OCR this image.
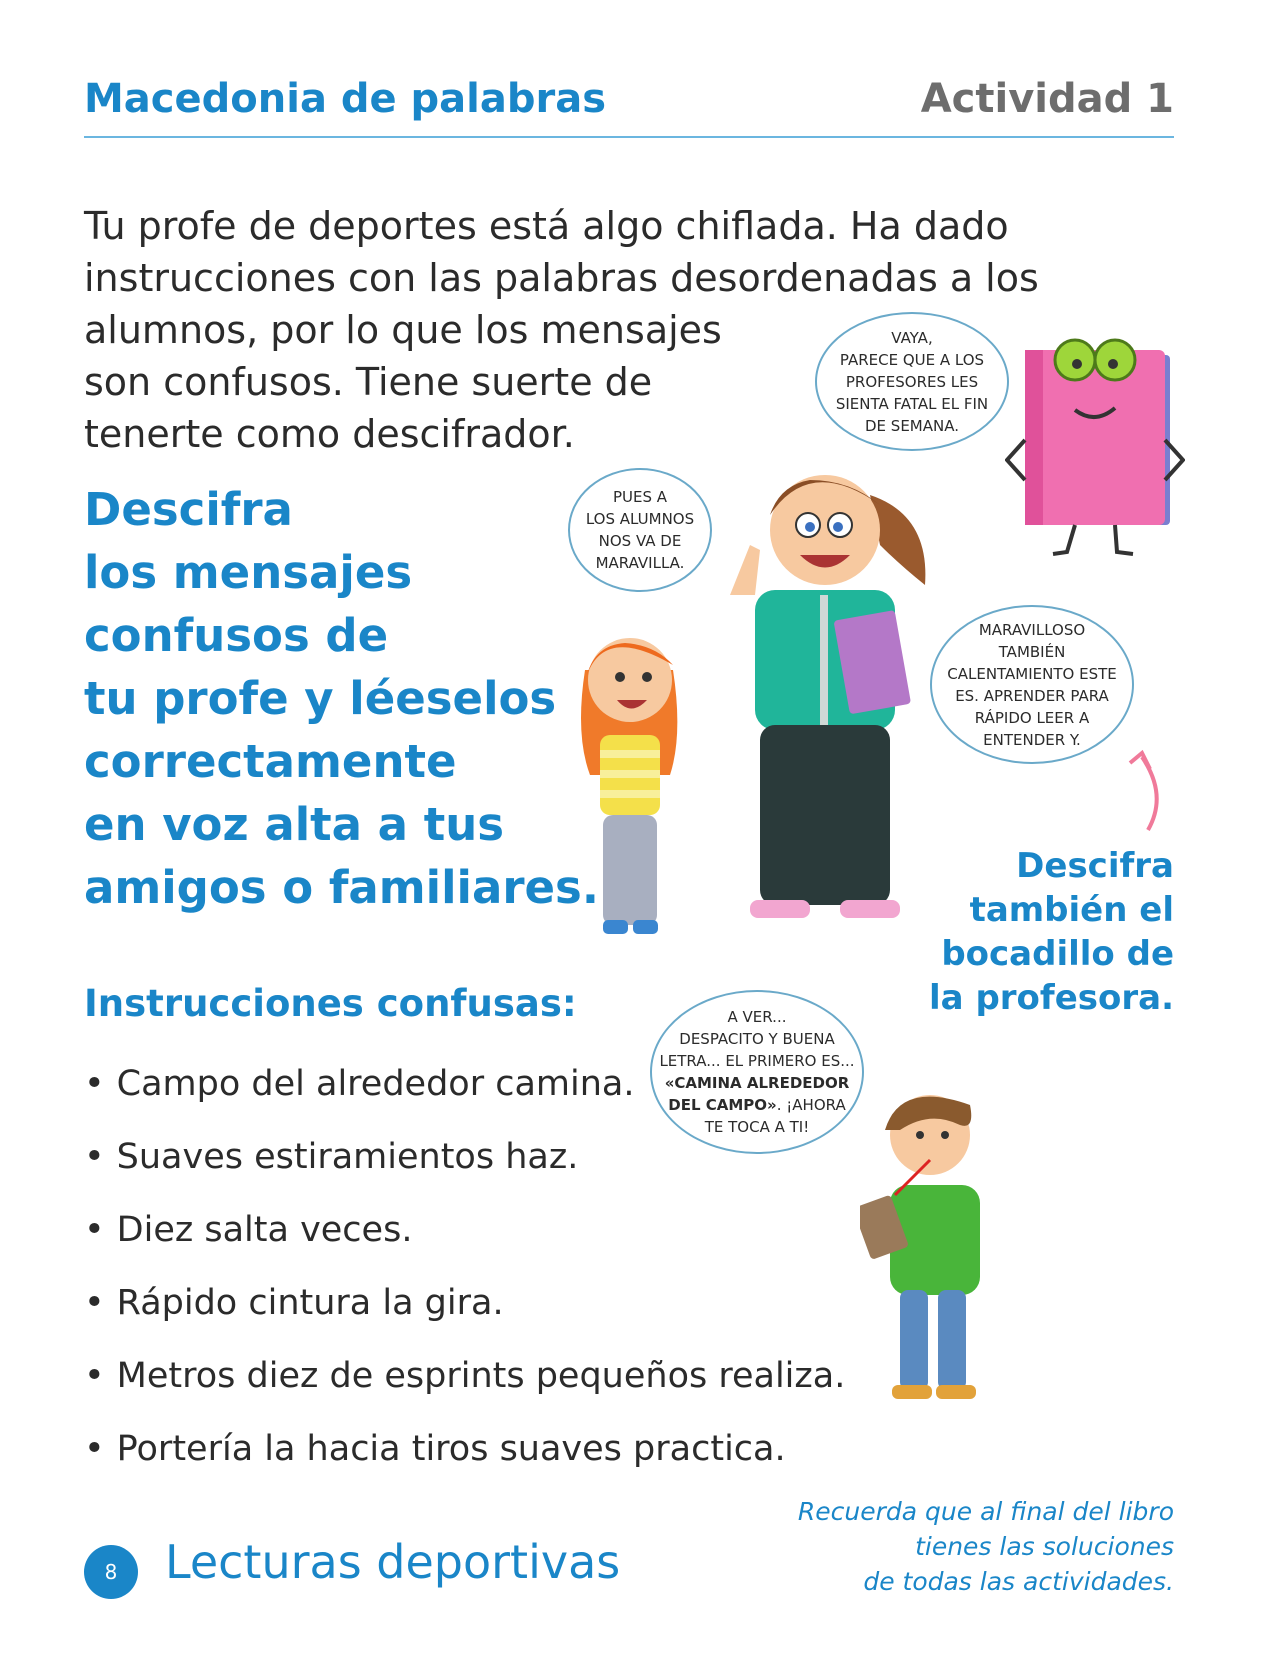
Macedonia de palabras	Actividad 1
Tu profe de deportes está algo chiflada. Ha dado
instrucciones con las palabras desordenadas a los
alumnos, por lo que los mensajes
son confusos. Tiene suerte de
tenerte como descifrador.
Descifra
los mensajes
confusos de
tu profe y léeselos
correctamente
en voz alta a tus
amigos o familiares.
VAYA,
PARECE QUE A LOS
PROFESORES LES
SIENTA FATAL EL FIN
DE SEMANA.
PUES A
LOS ALUMNOS
NOS VA DE
MARAVILLA.
MARAVILLOSO
TAMBIÉN
CALENTAMIENTO ESTE
ES. APRENDER PARA
RÁPIDO LEER A
ENTENDER Y.
A VER...
DESPACITO Y BUENA
LETRA... EL PRIMERO ES...
«CAMINA ALREDEDOR
DEL CAMPO». ¡AHORA
TE TOCA A TI!
Descifra
también el
bocadillo de
la profesora.
Instrucciones confusas:
• Campo del alrededor camina.
• Suaves estiramientos haz.
• Diez salta veces.
• Rápido cintura la gira.
• Metros diez de esprints pequeños realiza.
• Portería la hacia tiros suaves practica.
Recuerda que al final del libro
tienes las soluciones
de todas las actividades.
8	Lecturas deportivas
